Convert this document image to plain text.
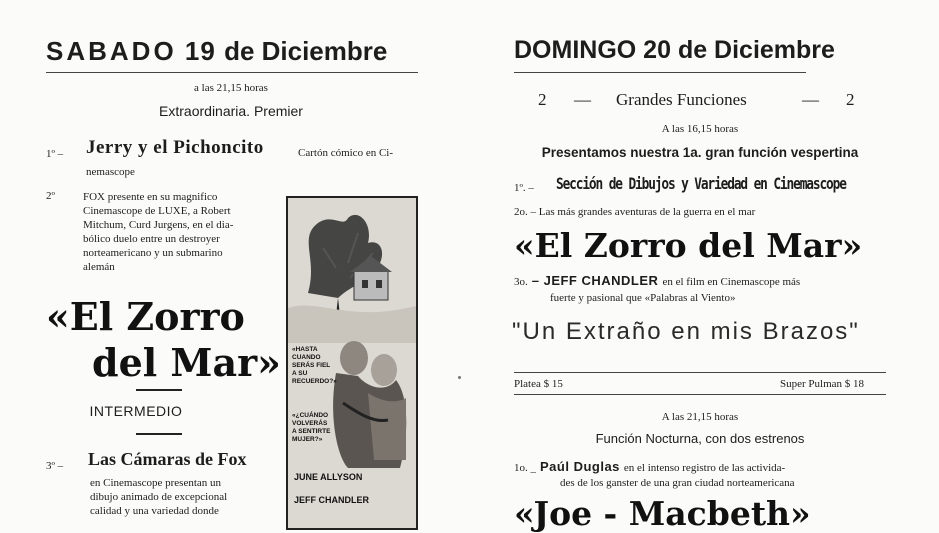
SABADO 19 de Diciembre
a las 21,15 horas
Extraordinaria. Premier
1º – Jerry y el Pichoncito	Cartón cómico en Ci-
nemascope
2º	FOX presente en su magnifico
Cinemascope de LUXE, a Robert
Mitchum, Curd Jurgens, en el dia-
bólico duelo entre un destroyer
norteamericano y un submarino
alemán
«El Zorro
del Mar»
INTERMEDIO
3º – Las Cámaras de Fox
en Cinemascope presentan un
dibujo animado de excepcional
calidad y una variedad donde
«HASTA
CUANDO
SERÁS FIEL
A SU
RECUERDO?»
«¿CUÁNDO
VOLVERÁS
A SENTIRTE
MUJER?»
JUNE ALLYSON
JEFF CHANDLER
DOMINGO 20 de Diciembre
2 — Grandes Funciones	— 2
A las 16,15 horas
Presentamos nuestra 1a. gran función vespertina
1º. – Sección de Dibujos y Variedad en Cinemascope
2o. – Las más grandes aventuras de la guerra en el mar
«El Zorro del Mar»
3o. – JEFF CHANDLER en el film en Cinemascope más
fuerte y pasional que «Palabras al Viento»
"Un Extraño en mis Brazos"
Platea $ 15	Super Pulman $ 18
A las 21,15 horas
Función Nocturna, con dos estrenos
1o. _ Paúl Duglas en el intenso registro de las activida-
des de los ganster de una gran ciudad norteamericana
«Joe - Macbeth»
